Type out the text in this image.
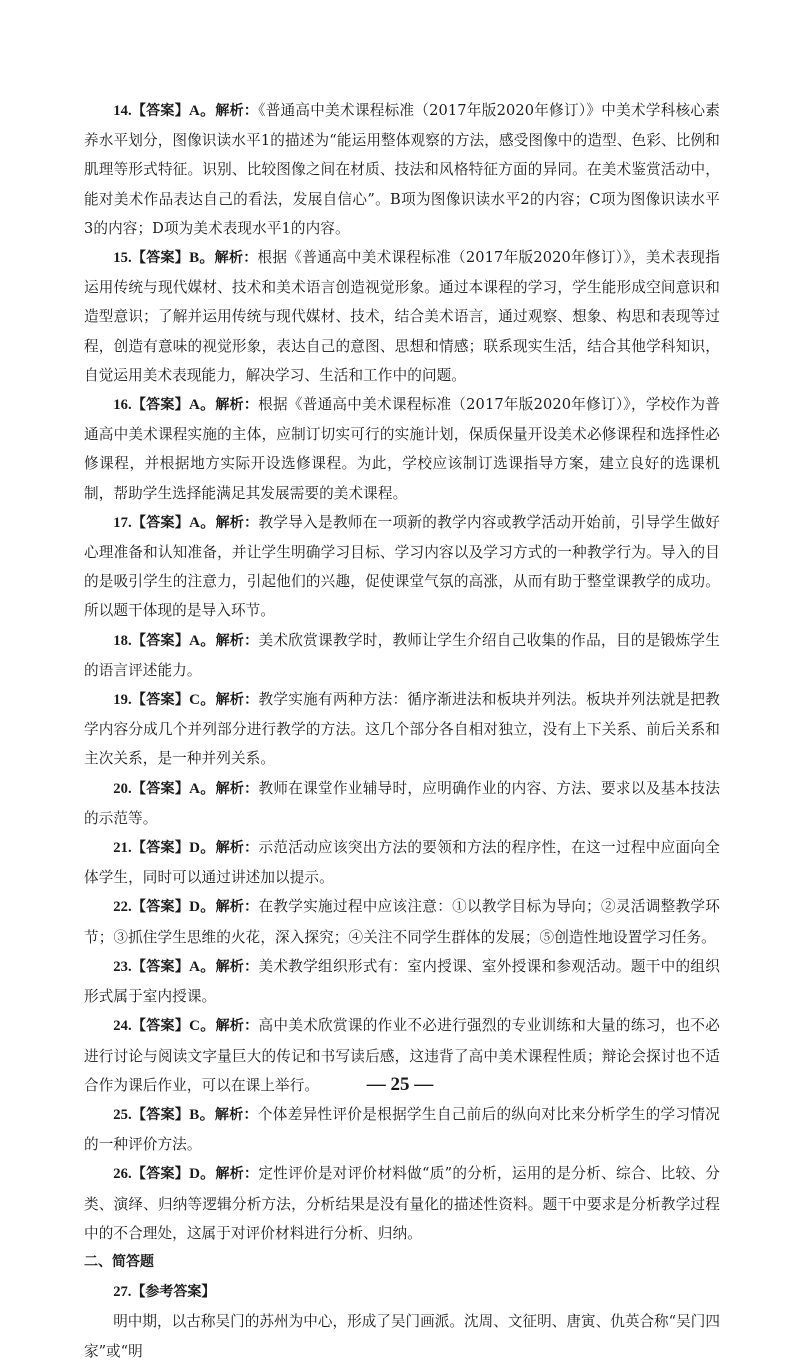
14.【答案】A。解析：《普通高中美术课程标准（2017年版2020年修订）》中美术学科核心素养水平划分，图像识读水平1的描述为“能运用整体观察的方法，感受图像中的造型、色彩、比例和肌理等形式特征。识别、比较图像之间在材质、技法和风格特征方面的异同。在美术鉴赏活动中，能对美术作品表达自己的看法，发展自信心”。B项为图像识读水平2的内容；C项为图像识读水平3的内容；D项为美术表现水平1的内容。

15.【答案】B。解析：根据《普通高中美术课程标准（2017年版2020年修订）》，美术表现指运用传统与现代媒材、技术和美术语言创造视觉形象。通过本课程的学习，学生能形成空间意识和造型意识；了解并运用传统与现代媒材、技术，结合美术语言，通过观察、想象、构思和表现等过程，创造有意味的视觉形象，表达自己的意图、思想和情感；联系现实生活，结合其他学科知识，自觉运用美术表现能力，解决学习、生活和工作中的问题。

16.【答案】A。解析：根据《普通高中美术课程标准（2017年版2020年修订）》，学校作为普通高中美术课程实施的主体，应制订切实可行的实施计划，保质保量开设美术必修课程和选择性必修课程，并根据地方实际开设选修课程。为此，学校应该制订选课指导方案，建立良好的选课机制，帮助学生选择能满足其发展需要的美术课程。

17.【答案】A。解析：教学导入是教师在一项新的教学内容或教学活动开始前，引导学生做好心理准备和认知准备，并让学生明确学习目标、学习内容以及学习方式的一种教学行为。导入的目的是吸引学生的注意力，引起他们的兴趣，促使课堂气氛的高涨，从而有助于整堂课教学的成功。所以题干体现的是导入环节。

18.【答案】A。解析：美术欣赏课教学时，教师让学生介绍自己收集的作品，目的是锻炼学生的语言评述能力。

19.【答案】C。解析：教学实施有两种方法：循序渐进法和板块并列法。板块并列法就是把教学内容分成几个并列部分进行教学的方法。这几个部分各自相对独立，没有上下关系、前后关系和主次关系，是一种并列关系。

20.【答案】A。解析：教师在课堂作业辅导时，应明确作业的内容、方法、要求以及基本技法的示范等。

21.【答案】D。解析：示范活动应该突出方法的要领和方法的程序性，在这一过程中应面向全体学生，同时可以通过讲述加以提示。

22.【答案】D。解析：在教学实施过程中应该注意：①以教学目标为导向；②灵活调整教学环节；③抓住学生思维的火花，深入探究；④关注不同学生群体的发展；⑤创造性地设置学习任务。

23.【答案】A。解析：美术教学组织形式有：室内授课、室外授课和参观活动。题干中的组织形式属于室内授课。

24.【答案】C。解析：高中美术欣赏课的作业不必进行强烈的专业训练和大量的练习，也不必进行讨论与阅读文字量巨大的传记和书写读后感，这违背了高中美术课程性质；辩论会探讨也不适合作为课后作业，可以在课上举行。

25.【答案】B。解析：个体差异性评价是根据学生自己前后的纵向对比来分析学生的学习情况的一种评价方法。

26.【答案】D。解析：定性评价是对评价材料做“质”的分析，运用的是分析、综合、比较、分类、演绎、归纳等逻辑分析方法，分析结果是没有量化的描述性资料。题干中要求是分析教学过程中的不合理处，这属于对评价材料进行分析、归纳。

二、简答题

27.【参考答案】

明中期，以古称吴门的苏州为中心，形成了吴门画派。沈周、文征明、唐寅、仇英合称“吴门四家”或“明

— 25 —
